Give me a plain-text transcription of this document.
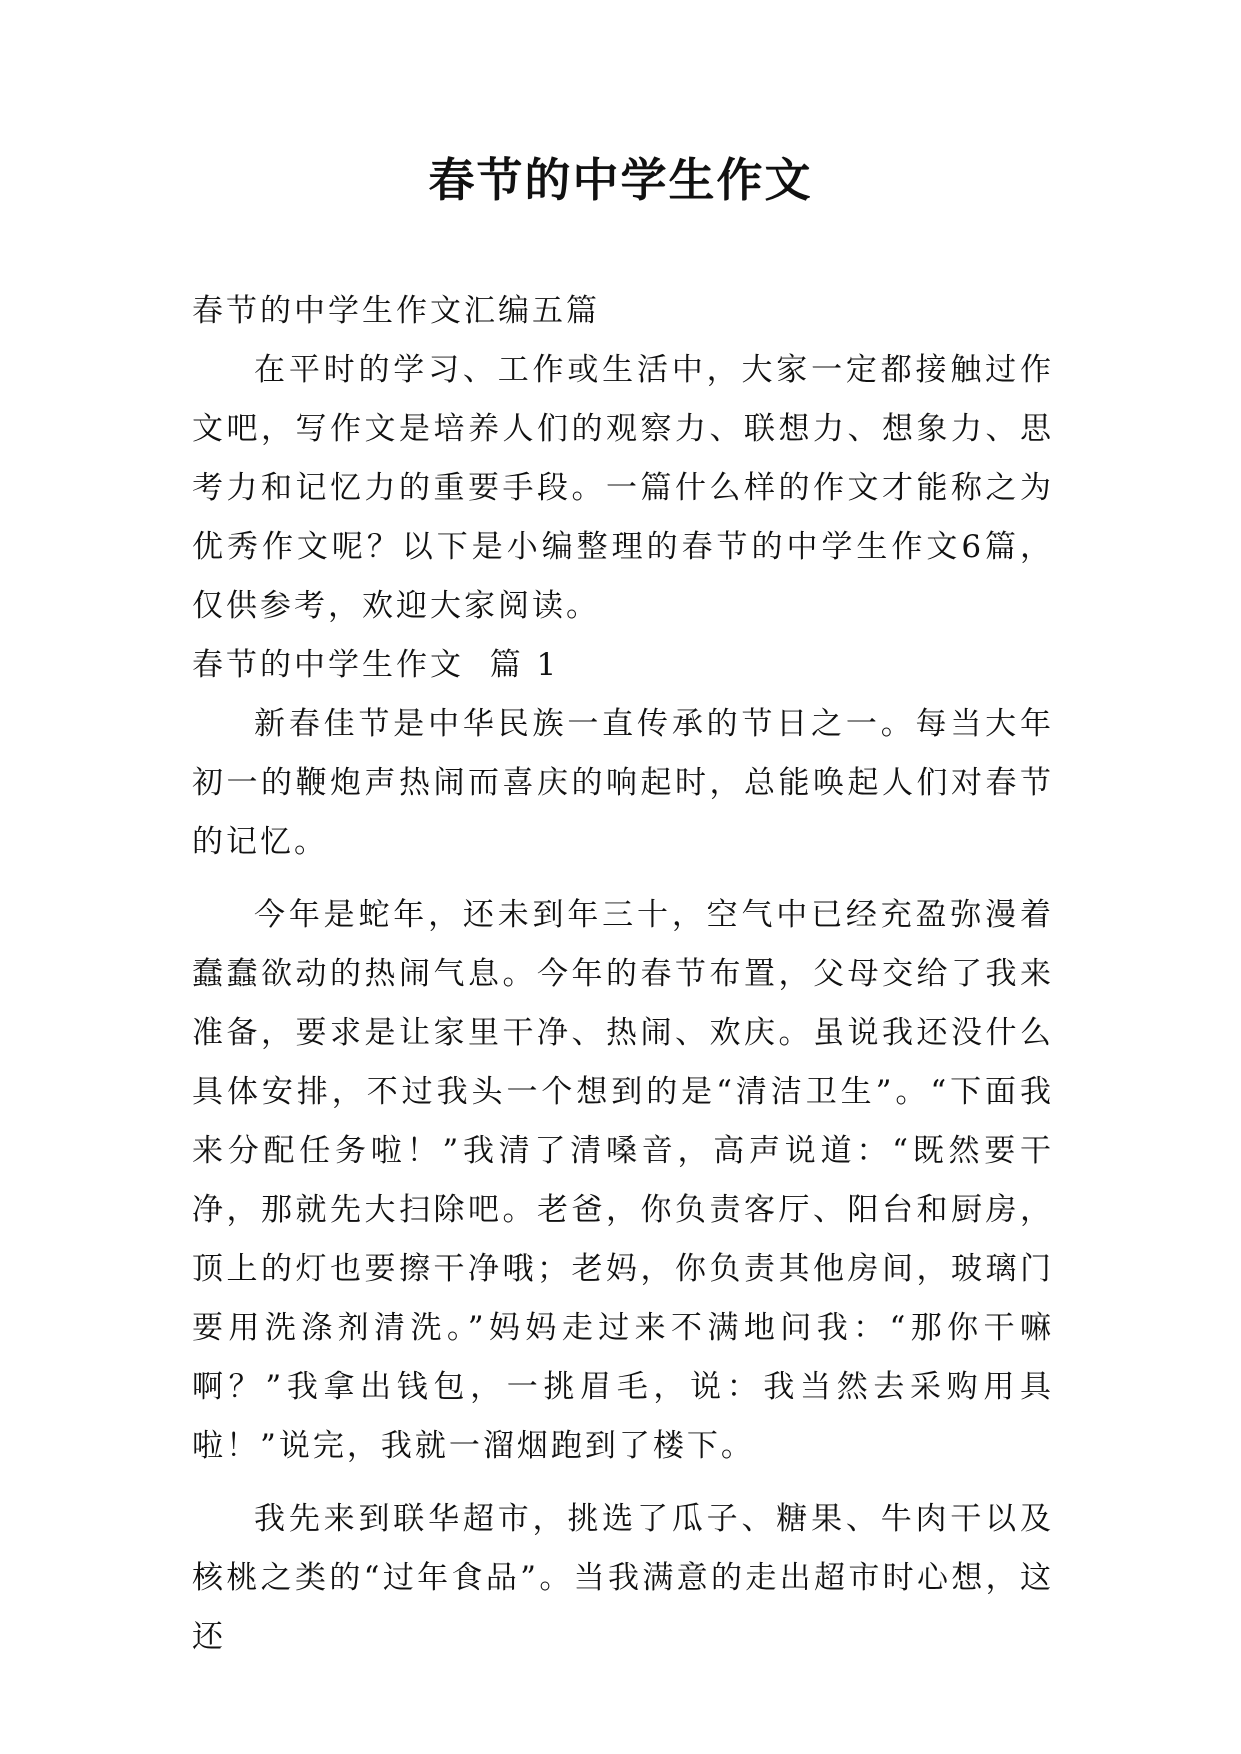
春节的中学生作文

春节的中学生作文汇编五篇

在平时的学习、工作或生活中，大家一定都接触过作文吧，写作文是培养人们的观察力、联想力、想象力、思考力和记忆力的重要手段。一篇什么样的作文才能称之为优秀作文呢？以下是小编整理的春节的中学生作文6篇，仅供参考，欢迎大家阅读。

春节的中学生作文  篇 1

新春佳节是中华民族一直传承的节日之一。每当大年初一的鞭炮声热闹而喜庆的响起时，总能唤起人们对春节的记忆。

今年是蛇年，还未到年三十，空气中已经充盈弥漫着蠢蠢欲动的热闹气息。今年的春节布置，父母交给了我来准备，要求是让家里干净、热闹、欢庆。虽说我还没什么具体安排，不过我头一个想到的是“清洁卫生”。“下面我来分配任务啦！”我清了清嗓音，高声说道：“既然要干净，那就先大扫除吧。老爸，你负责客厅、阳台和厨房，顶上的灯也要擦干净哦；老妈，你负责其他房间，玻璃门要用洗涤剂清洗。”妈妈走过来不满地问我：“那你干嘛啊？”我拿出钱包，一挑眉毛，说：我当然去采购用具啦！”说完，我就一溜烟跑到了楼下。

我先来到联华超市，挑选了瓜子、糖果、牛肉干以及核桃之类的“过年食品”。当我满意的走出超市时心想，这还
